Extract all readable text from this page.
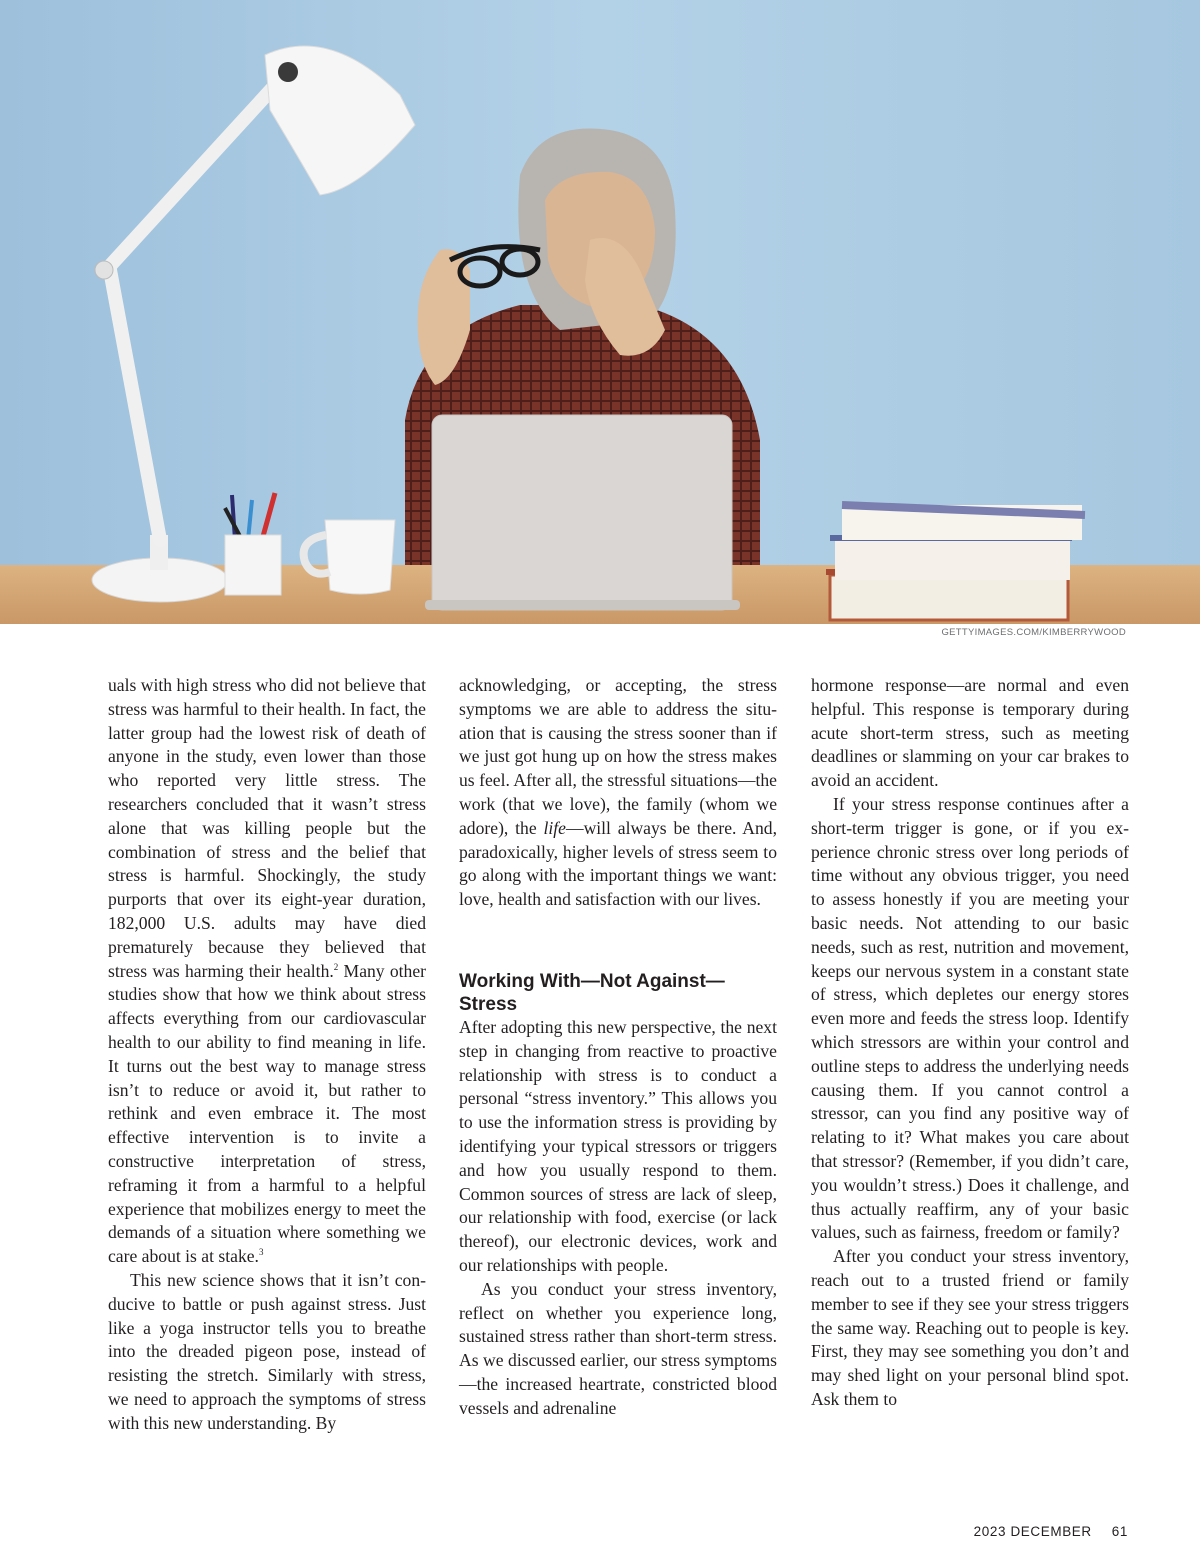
GETTYIMAGES.COM/KIMBERRYWOOD

uals with high stress who did not believe that stress was harmful to their health. In fact, the latter group had the lowest risk of death of anyone in the study, even lower than those who reported very little stress. The researchers concluded that it wasn’t stress alone that was killing people but the combination of stress and the belief that stress is harmful. Shockingly, the study purports that over its eight-year duration, 182,000 U.S. adults may have died prematurely because they believed that stress was harming their health.$^2$ Many other studies show that how we think about stress affects everything from our cardiovascular health to our ability to find meaning in life. It turns out the best way to manage stress isn’t to reduce or avoid it, but rather to rethink and even embrace it. The most effective intervention is to invite a constructive interpretation of stress, reframing it from a harmful to a helpful experience that mobilizes energy to meet the demands of a situation where something we care about is at stake.$^3$

This new science shows that it isn’t conducive to battle or push against stress. Just like a yoga instructor tells you to breathe into the dreaded pigeon pose, instead of resisting the stretch. Similarly with stress, we need to approach the symptoms of stress with this new understanding. By

acknowledging, or accepting, the stress symptoms we are able to address the situation that is causing the stress sooner than if we just got hung up on how the stress makes us feel. After all, the stressful situations—the work (that we love), the family (whom we adore), the life—will always be there. And, paradoxically, higher levels of stress seem to go along with the important things we want: love, health and satisfaction with our lives.

Working With—Not Against—Stress

After adopting this new perspective, the next step in changing from reactive to proactive relationship with stress is to conduct a personal “stress inventory.” This allows you to use the information stress is providing by identifying your typical stressors or triggers and how you usually respond to them. Common sources of stress are lack of sleep, our relationship with food, exercise (or lack thereof), our electronic devices, work and our relationships with people.

As you conduct your stress inventory, reflect on whether you experience long, sustained stress rather than short-term stress. As we discussed earlier, our stress symptoms—the increased heartrate, constricted blood vessels and adrenaline

hormone response—are normal and even helpful. This response is temporary during acute short-term stress, such as meeting deadlines or slamming on your car brakes to avoid an accident.

If your stress response continues after a short-term trigger is gone, or if you experience chronic stress over long periods of time without any obvious trigger, you need to assess honestly if you are meeting your basic needs. Not attending to our basic needs, such as rest, nutrition and movement, keeps our nervous system in a constant state of stress, which depletes our energy stores even more and feeds the stress loop. Identify which stressors are within your control and outline steps to address the underlying needs causing them. If you cannot control a stressor, can you find any positive way of relating to it? What makes you care about that stressor? (Remember, if you didn’t care, you wouldn’t stress.) Does it challenge, and thus actually reaffirm, any of your basic values, such as fairness, freedom or family?

After you conduct your stress inventory, reach out to a trusted friend or family member to see if they see your stress triggers the same way. Reaching out to people is key. First, they may see something you don’t and may shed light on your personal blind spot. Ask them to

2023 DECEMBER 61
